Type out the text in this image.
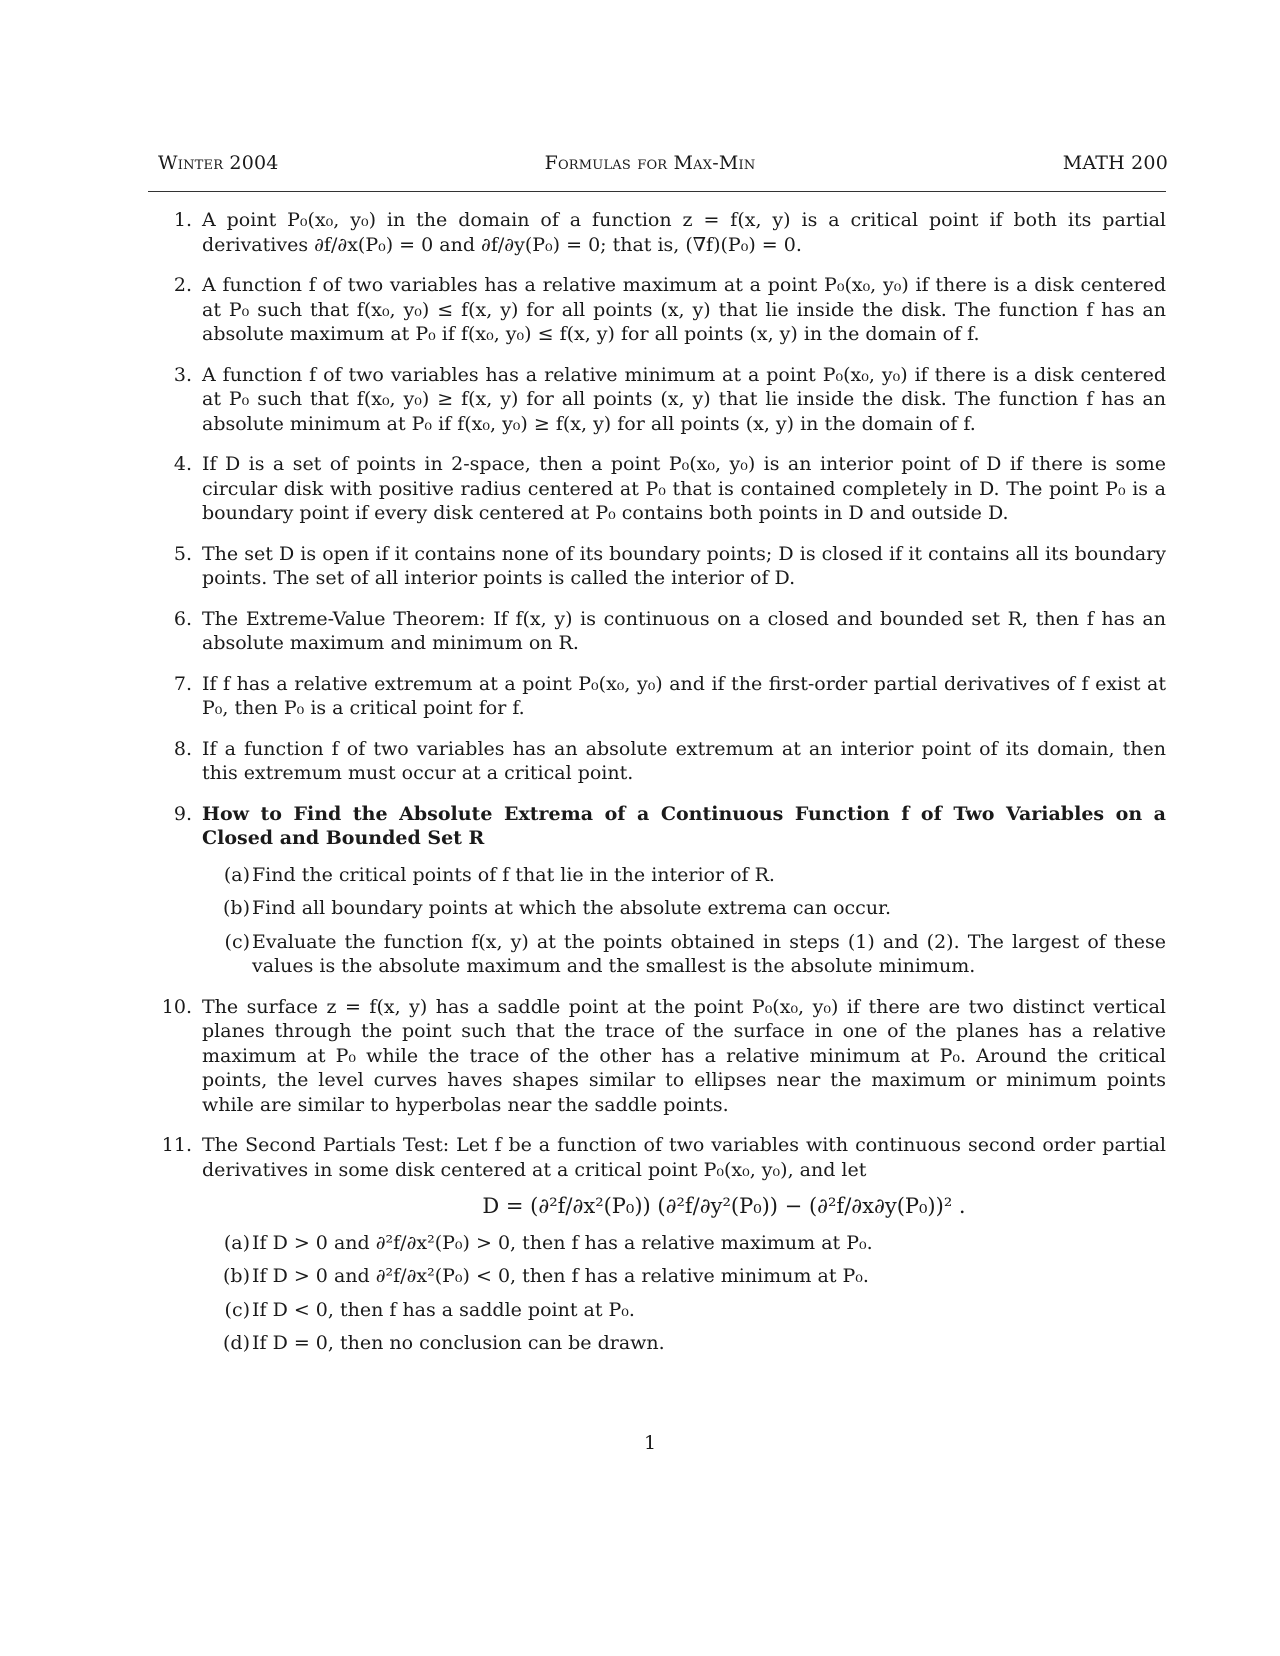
Winter 2004	Formulas for Max-Min	MATH 200
1. A point P₀(x₀, y₀) in the domain of a function z = f(x, y) is a critical point if both its partial derivatives ∂f/∂x(P₀) = 0 and ∂f/∂y(P₀) = 0; that is, (∇f)(P₀) = 0.
2. A function f of two variables has a relative maximum at a point P₀(x₀, y₀) if there is a disk centered at P₀ such that f(x₀, y₀) ≤ f(x, y) for all points (x, y) that lie inside the disk. The function f has an absolute maximum at P₀ if f(x₀, y₀) ≤ f(x, y) for all points (x, y) in the domain of f.
3. A function f of two variables has a relative minimum at a point P₀(x₀, y₀) if there is a disk centered at P₀ such that f(x₀, y₀) ≥ f(x, y) for all points (x, y) that lie inside the disk. The function f has an absolute minimum at P₀ if f(x₀, y₀) ≥ f(x, y) for all points (x, y) in the domain of f.
4. If D is a set of points in 2-space, then a point P₀(x₀, y₀) is an interior point of D if there is some circular disk with positive radius centered at P₀ that is contained completely in D. The point P₀ is a boundary point if every disk centered at P₀ contains both points in D and outside D.
5. The set D is open if it contains none of its boundary points; D is closed if it contains all its boundary points. The set of all interior points is called the interior of D.
6. The Extreme-Value Theorem: If f(x, y) is continuous on a closed and bounded set R, then f has an absolute maximum and minimum on R.
7. If f has a relative extremum at a point P₀(x₀, y₀) and if the first-order partial derivatives of f exist at P₀, then P₀ is a critical point for f.
8. If a function f of two variables has an absolute extremum at an interior point of its domain, then this extremum must occur at a critical point.
9. How to Find the Absolute Extrema of a Continuous Function f of Two Variables on a Closed and Bounded Set R
(a) Find the critical points of f that lie in the interior of R.
(b) Find all boundary points at which the absolute extrema can occur.
(c) Evaluate the function f(x, y) at the points obtained in steps (1) and (2). The largest of these values is the absolute maximum and the smallest is the absolute minimum.
10. The surface z = f(x, y) has a saddle point at the point P₀(x₀, y₀) if there are two distinct vertical planes through the point such that the trace of the surface in one of the planes has a relative maximum at P₀ while the trace of the other has a relative minimum at P₀. Around the critical points, the level curves haves shapes similar to ellipses near the maximum or minimum points while are similar to hyperbolas near the saddle points.
11. The Second Partials Test: Let f be a function of two variables with continuous second order partial derivatives in some disk centered at a critical point P₀(x₀, y₀), and let
D = (∂²f/∂x²(P₀)) (∂²f/∂y²(P₀)) − (∂²f/∂x∂y(P₀))² .
(a) If D > 0 and ∂²f/∂x²(P₀) > 0, then f has a relative maximum at P₀.
(b) If D > 0 and ∂²f/∂x²(P₀) < 0, then f has a relative minimum at P₀.
(c) If D < 0, then f has a saddle point at P₀.
(d) If D = 0, then no conclusion can be drawn.
1
